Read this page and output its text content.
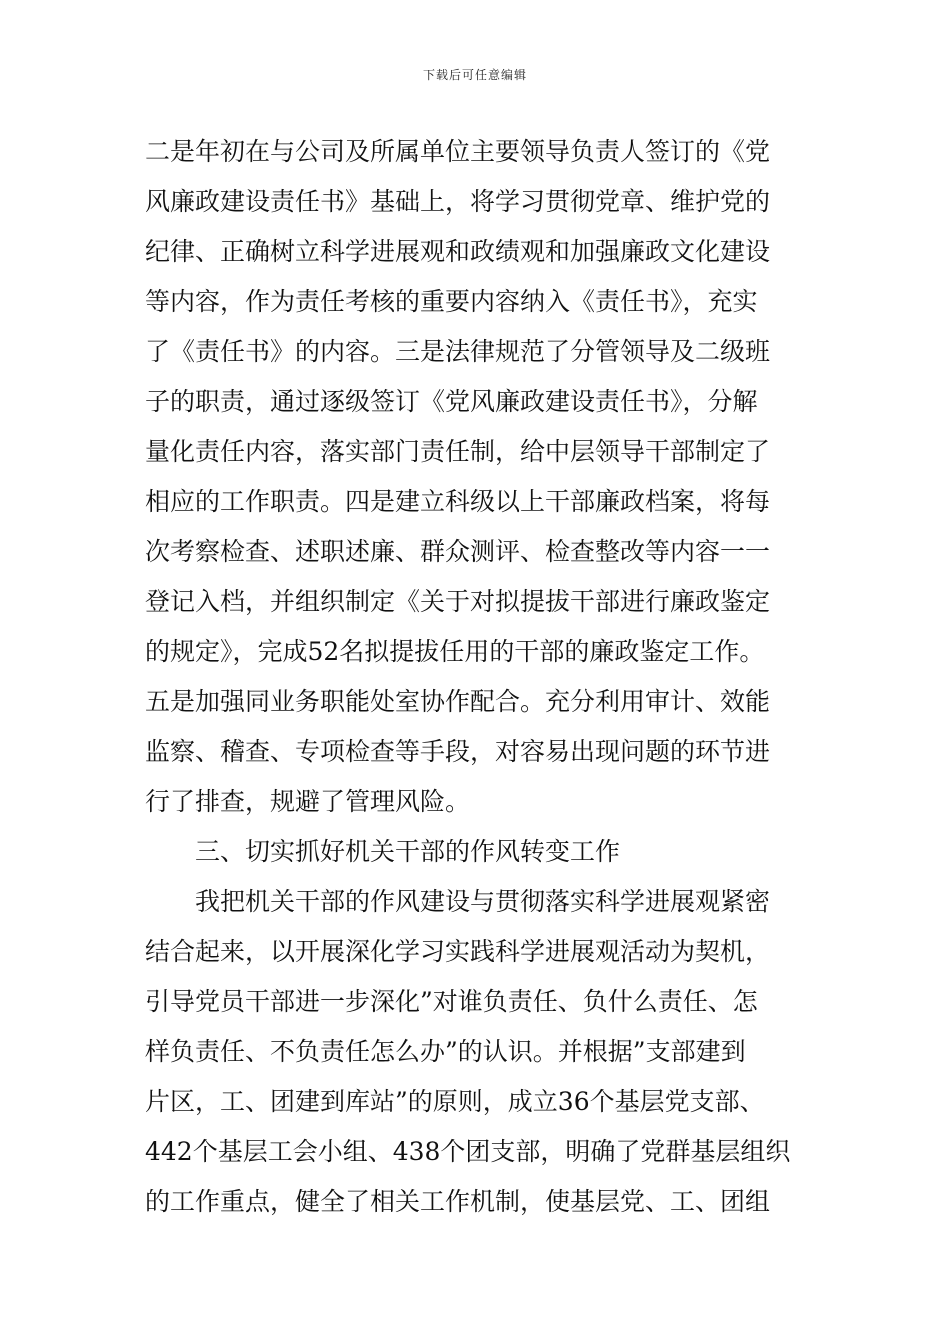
下载后可任意编辑
二是年初在与公司及所属单位主要领导负责人签订的《党
风廉政建设责任书》基础上，将学习贯彻党章、维护党的
纪律、正确树立科学进展观和政绩观和加强廉政文化建设
等内容，作为责任考核的重要内容纳入《责任书》，充实
了《责任书》的内容。三是法律规范了分管领导及二级班
子的职责，通过逐级签订《党风廉政建设责任书》，分解
量化责任内容，落实部门责任制，给中层领导干部制定了
相应的工作职责。四是建立科级以上干部廉政档案，将每
次考察检查、述职述廉、群众测评、检查整改等内容一一
登记入档，并组织制定《关于对拟提拔干部进行廉政鉴定
的规定》，完成52名拟提拔任用的干部的廉政鉴定工作。
五是加强同业务职能处室协作配合。充分利用审计、效能
监察、稽查、专项检查等手段，对容易出现问题的环节进
行了排查，规避了管理风险。
三、切实抓好机关干部的作风转变工作
我把机关干部的作风建设与贯彻落实科学进展观紧密
结合起来，以开展深化学习实践科学进展观活动为契机，
引导党员干部进一步深化”对谁负责任、负什么责任、怎
样负责任、不负责任怎么办”的认识。并根据”支部建到
片区，工、团建到库站”的原则，成立36个基层党支部、
442个基层工会小组、438个团支部，明确了党群基层组织
的工作重点，健全了相关工作机制，使基层党、工、团组
